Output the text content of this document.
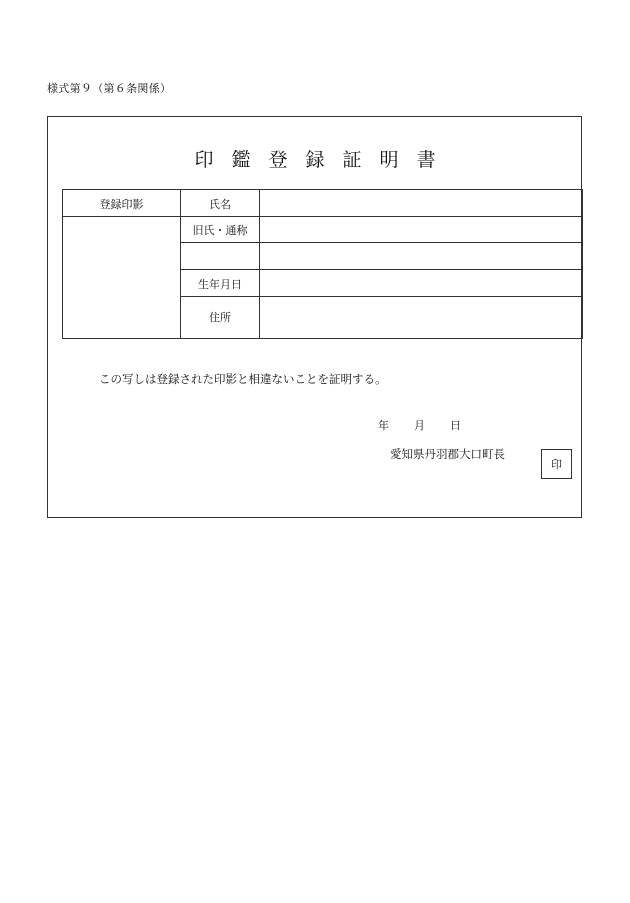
様式第９（第６条関係）
印鑑登録証明書
登録印影	氏名
旧氏・通称
生年月日
住所
この写しは登録された印影と相違ないことを証明する。
年 月 日
愛知県丹羽郡大口町長
印
